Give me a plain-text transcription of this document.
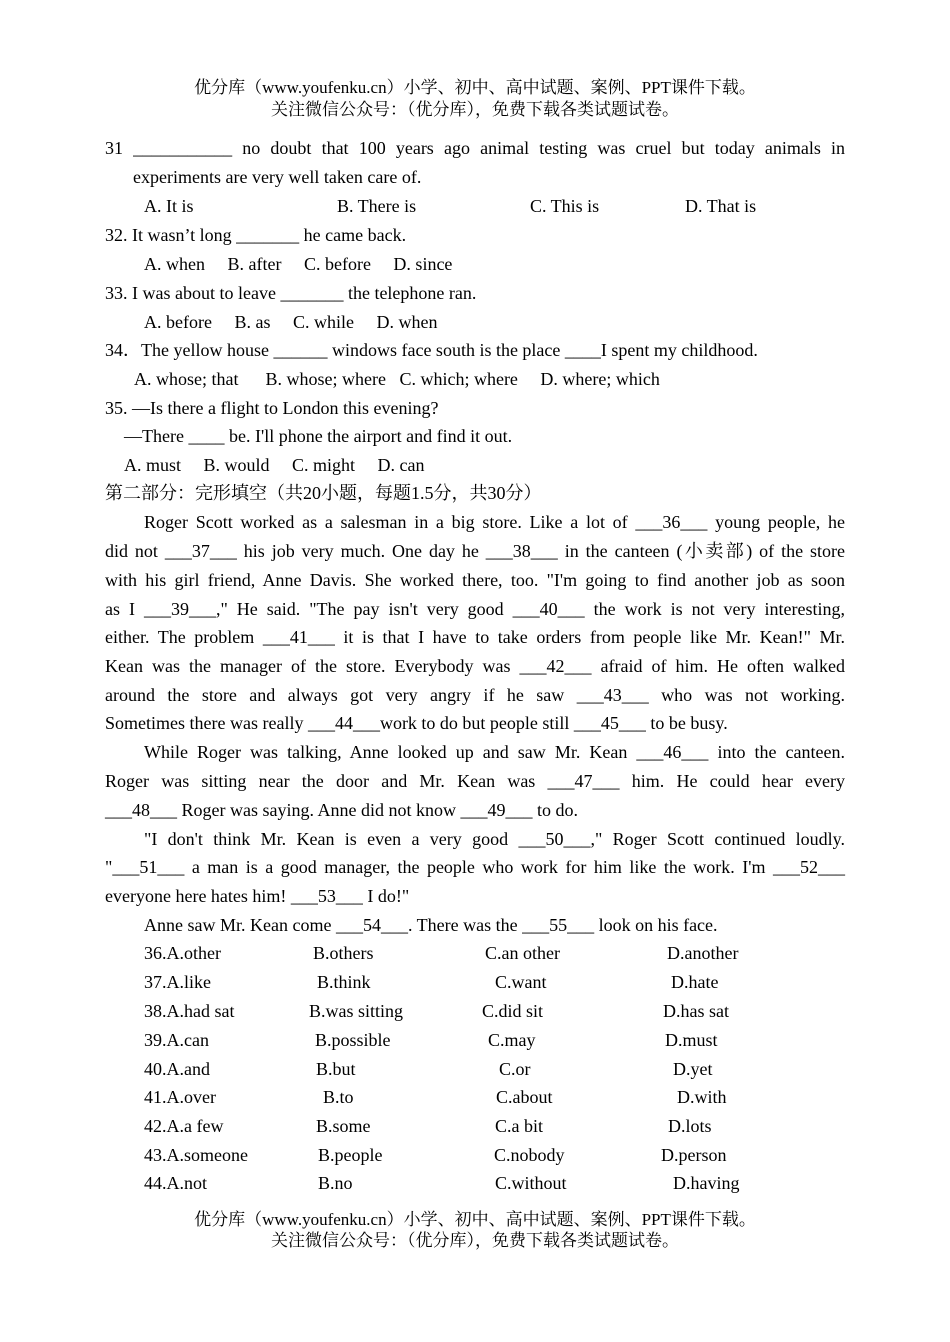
优分库（www.youfenku.cn）小学、初中、高中试题、案例、PPT课件下载。
关注微信公众号：（优分库），免费下载各类试题试卷。
31 ___________ no doubt that 100 years ago animal testing was cruel but today animals in
experiments are very well taken care of.
A. It is	B. There is	C. This is	D. That is
32. It wasn’t long _______ he came back.
A. when     B. after     C. before     D. since
33. I was about to leave _______ the telephone ran.
A. before     B. as     C. while     D. when
34．The yellow house ______ windows face south is the place ____I spent my childhood.
A. whose; that      B. whose; where   C. which; where     D. where; which
35. —Is there a flight to London this evening?
—There ____ be. I'll phone the airport and find it out.
A. must     B. would     C. might     D. can
第二部分：完形填空（共20小题，每题1.5分，共30分）
Roger Scott worked as a salesman in a big store. Like a lot of ___36___ young people, he
did not ___37___ his job very much. One day he ___38___ in the canteen (小卖部) of the store
with his girl friend, Anne Davis. She worked there, too. "I'm going to find another job as soon
as I ___39___," He said. "The pay isn't very good ___40___ the work is not very interesting,
either. The problem ___41___ it is that I have to take orders from people like Mr. Kean!" Mr.
Kean was the manager of the store. Everybody was ___42___ afraid of him. He often walked
around the store and always got very angry if he saw ___43___ who was not working.
Sometimes there was really ___44___work to do but people still ___45___ to be busy.
While Roger was talking, Anne looked up and saw Mr. Kean ___46___ into the canteen.
Roger was sitting near the door and Mr. Kean was ___47___ him. He could hear every
___48___ Roger was saying. Anne did not know ___49___ to do.
"I don't think Mr. Kean is even a very good ___50___," Roger Scott continued loudly.
"___51___ a man is a good manager, the people who work for him like the work. I'm ___52___
everyone here hates him! ___53___ I do!"
Anne saw Mr. Kean come ___54___. There was the ___55___ look on his face.
36.A.other	B.others	C.an other	D.another
37.A.like	B.think	C.want	D.hate
38.A.had sat	B.was sitting	C.did sit	D.has sat
39.A.can	B.possible	C.may	D.must
40.A.and	B.but	C.or	D.yet
41.A.over	B.to	C.about	D.with
42.A.a few	B.some	C.a bit	D.lots
43.A.someone	B.people	C.nobody	D.person
44.A.not	B.no	C.without	D.having
优分库（www.youfenku.cn）小学、初中、高中试题、案例、PPT课件下载。
关注微信公众号：（优分库），免费下载各类试题试卷。
